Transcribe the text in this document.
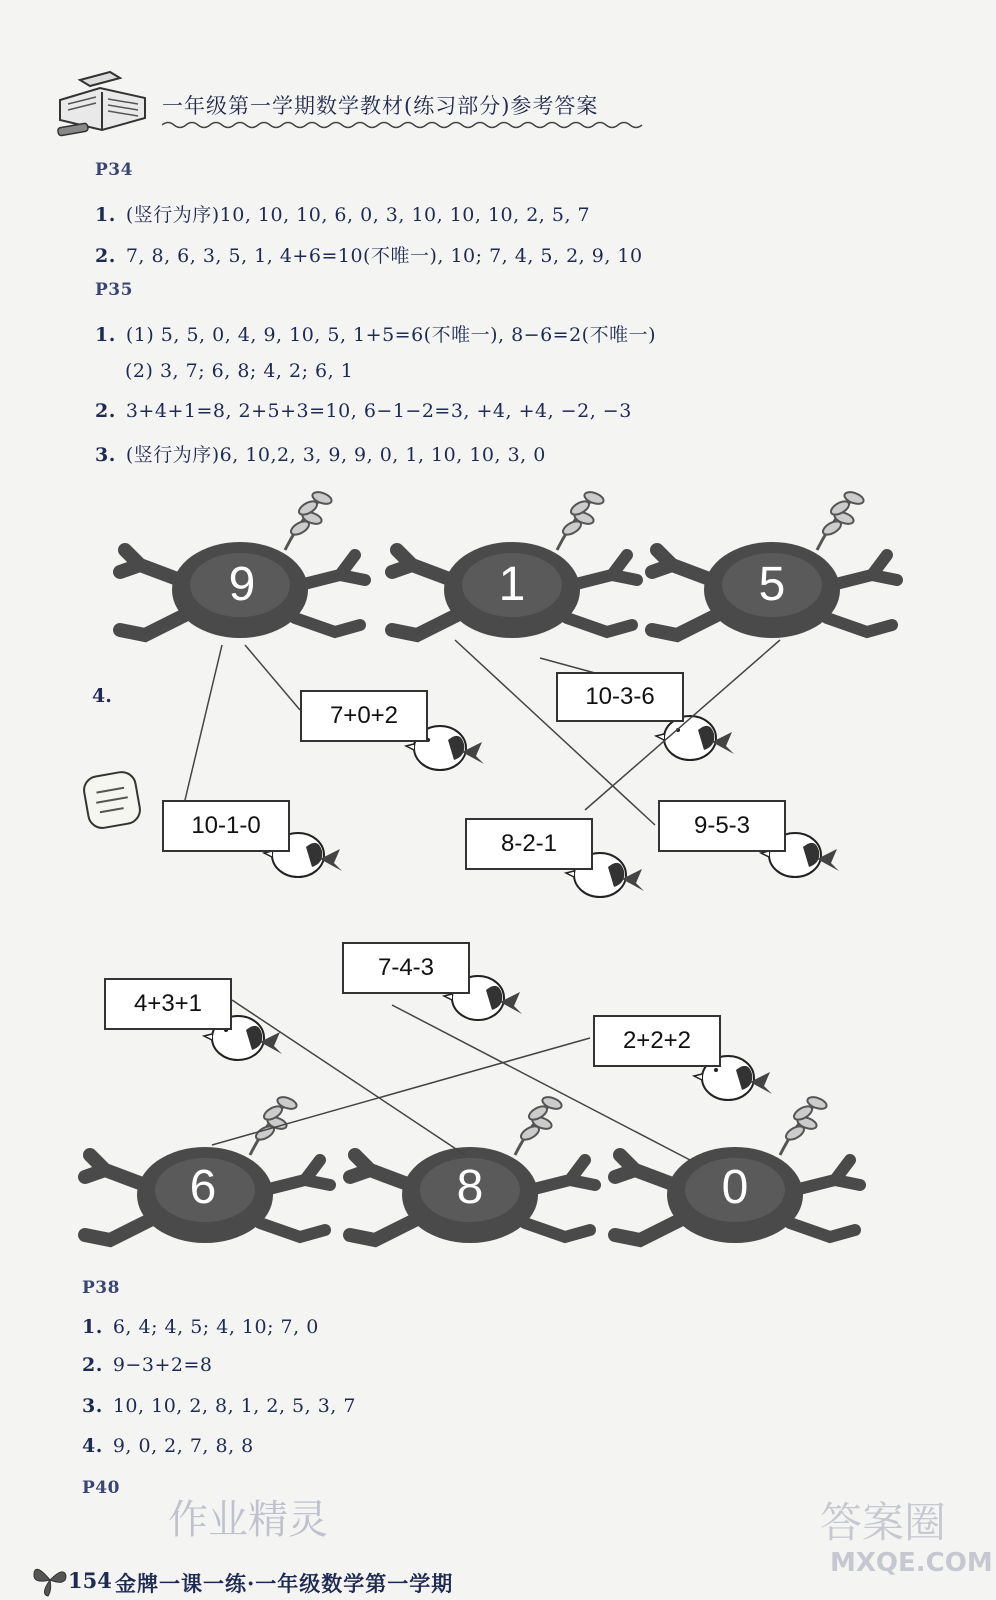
一年级第一学期数学教材(练习部分)参考答案
P34
1. (竖行为序)10, 10, 10, 6, 0, 3, 10, 10, 10, 2, 5, 7
2. 7, 8, 6, 3, 5, 1, 4+6=10(不唯一), 10; 7, 4, 5, 2, 9, 10
P35
1. (1) 5, 5, 0, 4, 9, 10, 5, 1+5=6(不唯一), 8−6=2(不唯一)
(2) 3, 7; 6, 8; 4, 2; 6, 1
2. 3+4+1=8, 2+5+3=10, 6−1−2=3, +4, +4, −2, −3
3. (竖行为序)6, 10,2, 3, 9, 9, 0, 1, 10, 10, 3, 0
9	1	5
6	8	0
4.
7+0+2
10-3-6
10-1-0
8-2-1
9-5-3
7-4-3
4+3+1
2+2+2
P38
1. 6, 4; 4, 5; 4, 10; 7, 0
2. 9−3+2=8
3. 10, 10, 2, 8, 1, 2, 5, 3, 7
4. 9, 0, 2, 7, 8, 8
P40
作业精灵	答案圈
MXQE.COM
154 金牌一课一练·一年级数学第一学期
